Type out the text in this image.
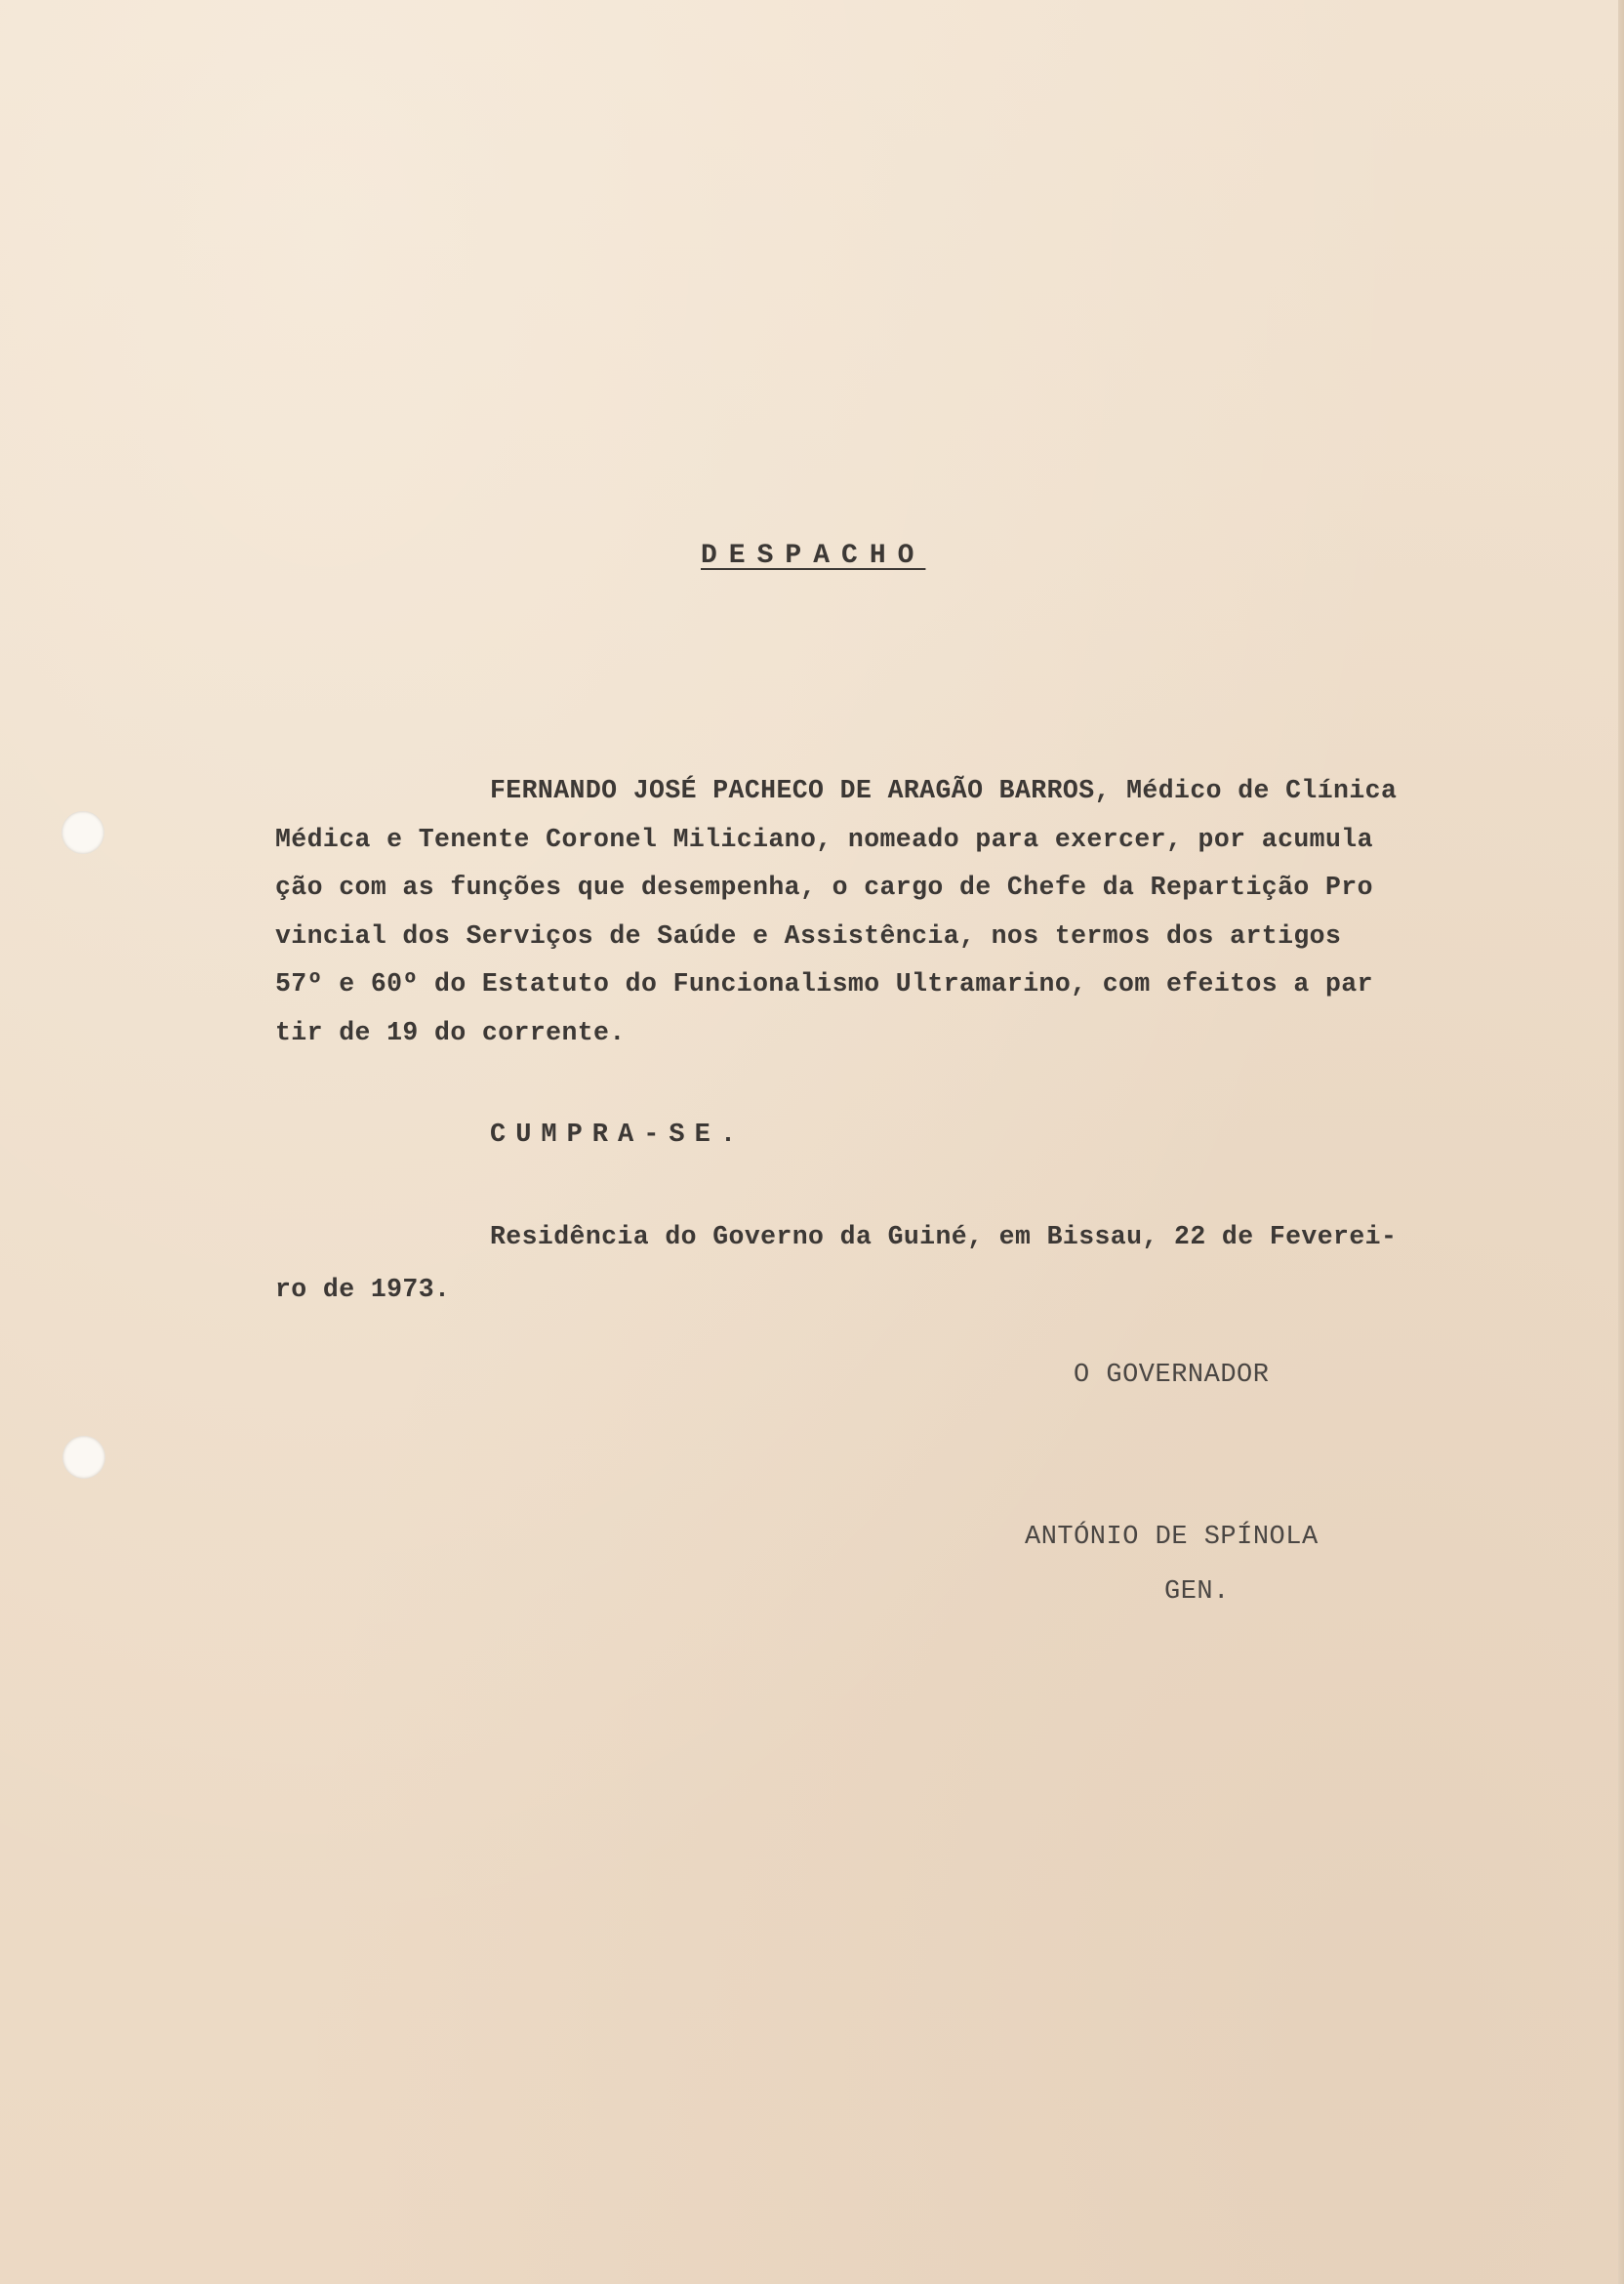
DESPACHO

FERNANDO JOSÉ PACHECO DE ARAGÃO BARROS, Médico de Clínica
Médica e Tenente Coronel Miliciano, nomeado para exercer, por acumula
ção com as funções que desempenha, o cargo de Chefe da Repartição Pro
vincial dos Serviços de Saúde e Assistência, nos termos dos artigos
57º e 60º do Estatuto do Funcionalismo Ultramarino, com efeitos a par
tir de 19 do corrente.

CUMPRA-SE.
Residência do Governo da Guiné, em Bissau, 22 de Feverei-
ro de 1973.
O GOVERNADOR
ANTÓNIO DE SPÍNOLA
GEN.
